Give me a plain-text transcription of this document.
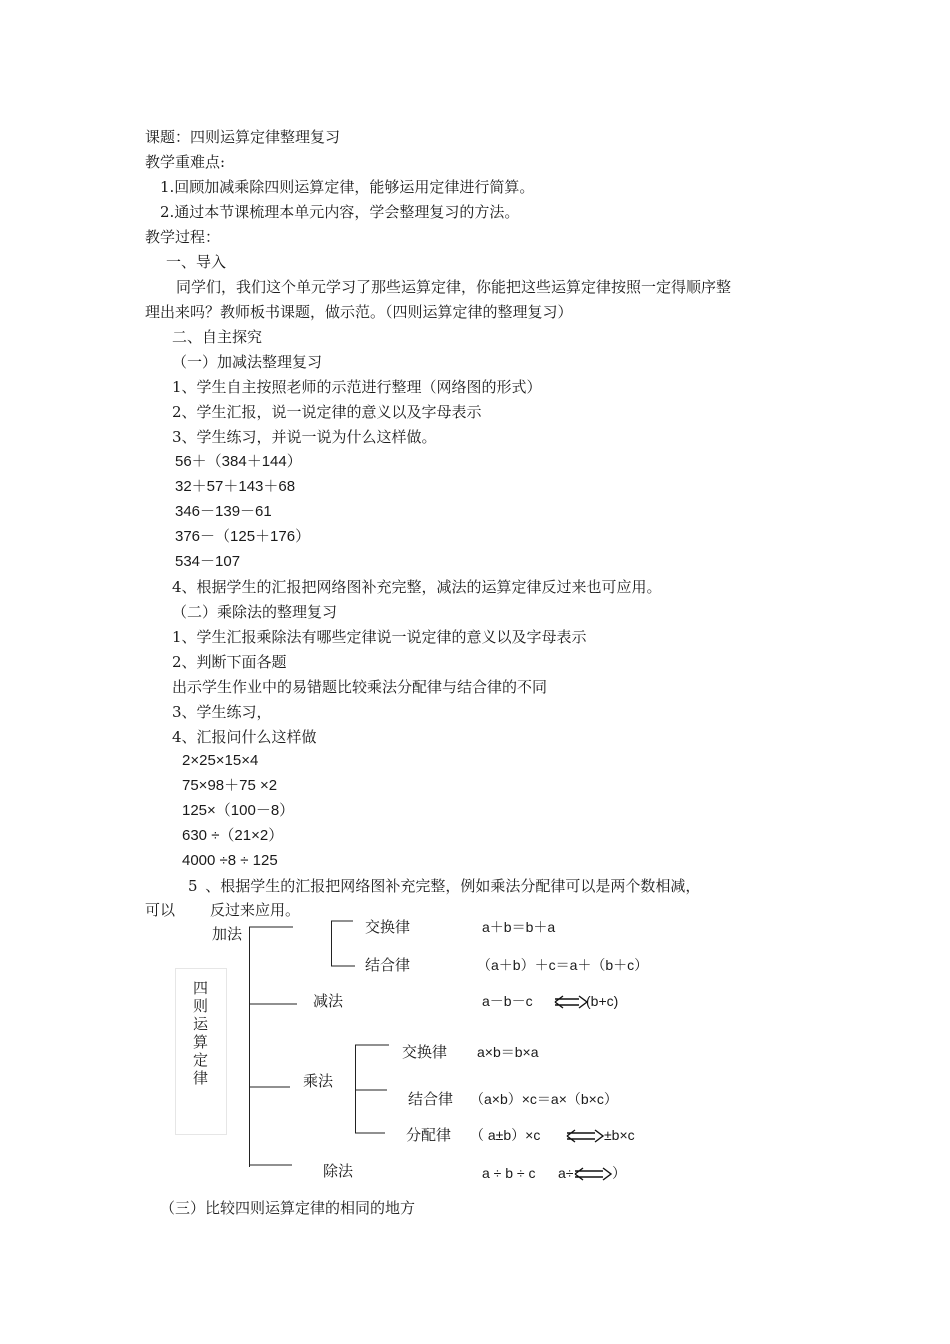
课题：四则运算定律整理复习
教学重难点:
1.回顾加减乘除四则运算定律，能够运用定律进行简算。
2.通过本节课梳理本单元内容，学会整理复习的方法。
教学过程：
一、导入
同学们，我们这个单元学习了那些运算定律，你能把这些运算定律按照一定得顺序整
理出来吗？教师板书课题，做示范。（四则运算定律的整理复习）
二、自主探究
（一）加减法整理复习
1、学生自主按照老师的示范进行整理（网络图的形式）
2、学生汇报，说一说定律的意义以及字母表示
3、学生练习，并说一说为什么这样做。
56＋（384＋144）
32＋57＋143＋68
346－139－61
376－（125＋176）
534－107
4、根据学生的汇报把网络图补充完整，减法的运算定律反过来也可应用。
（二）乘除法的整理复习
1、学生汇报乘除法有哪些定律说一说定律的意义以及字母表示
2、判断下面各题
出示学生作业中的易错题比较乘法分配律与结合律的不同
3、学生练习，
4、汇报问什么这样做
2×25×15×4
75×98＋75 ×2
125×（100－8）
630 ÷（21×2）
4000 ÷8 ÷ 125
5 、根据学生的汇报把网络图补充完整，例如乘法分配律可以是两个数相减，
可以 反过来应用。
四则运算定律
加法	交换律	a＋b＝b＋a
结合律	（a＋b）＋c＝a＋（b＋c）
减法	a－b－c	(b+c)
交换律 a×b＝b×a
乘法
结合律 （a×b）×c＝a×（b×c）
分配律 （ a±b）×c	±b×c
除法	a ÷ b ÷ c a÷	）
（三）比较四则运算定律的相同的地方
